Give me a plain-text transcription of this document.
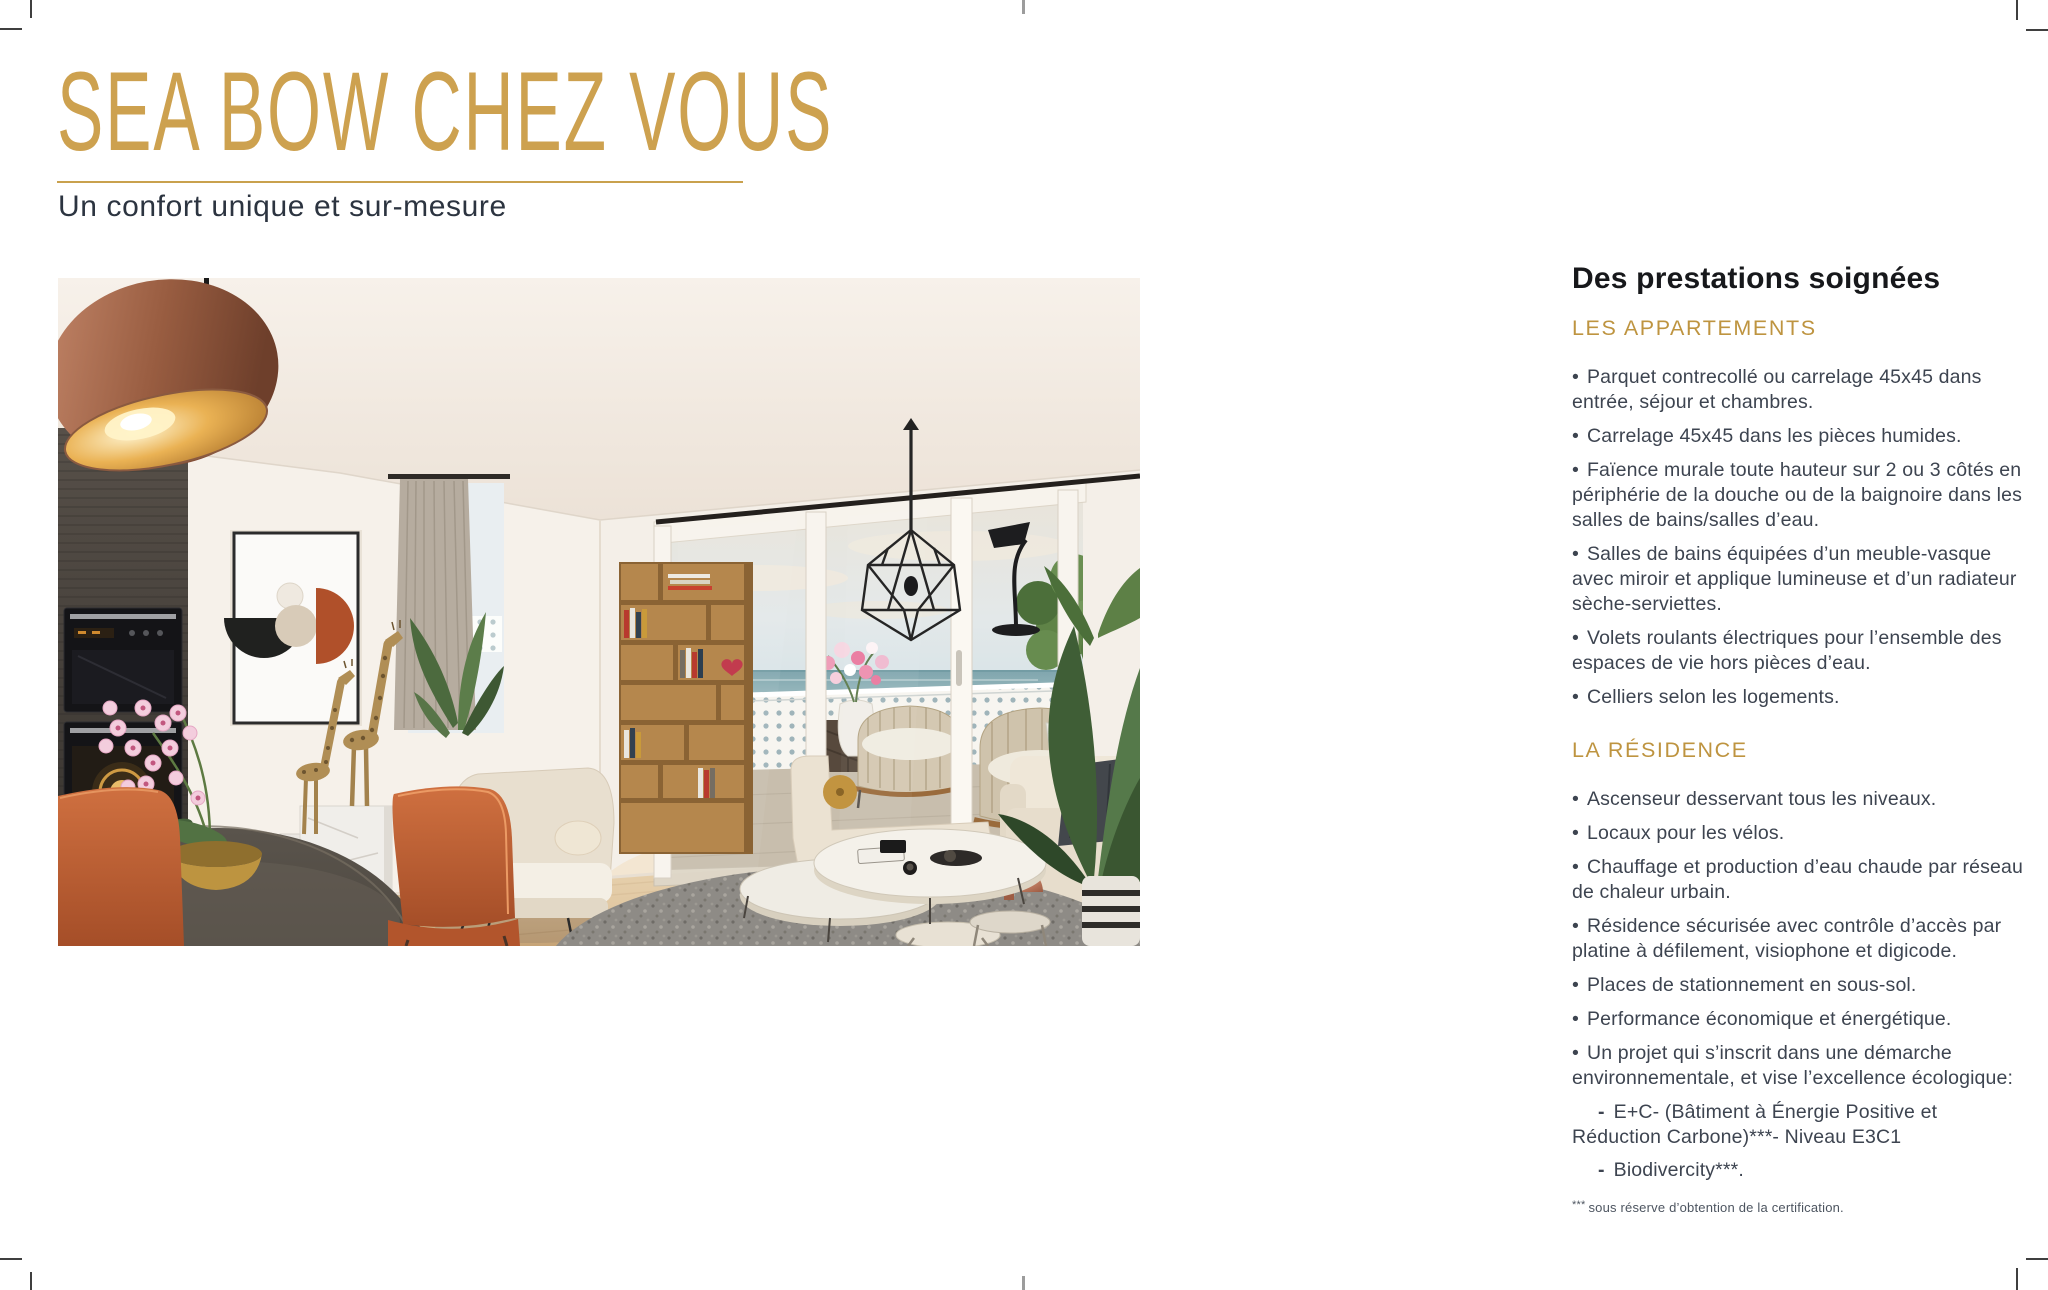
SEA BOW CHEZ VOUS

Un confort unique et sur-mesure

Des prestations soignées
LES APPARTEMENTS

• Parquet contrecollé ou carrelage 45x45 dans entrée, séjour et chambres.

• Carrelage 45x45 dans les pièces humides.

• Faïence murale toute hauteur sur 2 ou 3 côtés en périphérie de la douche ou de la baignoire dans les salles de bains/salles d’eau.

• Salles de bains équipées d’un meuble-vasque avec miroir et applique lumineuse et d’un radiateur sèche-serviettes.

• Volets roulants électriques pour l’ensemble des espaces de vie hors pièces d’eau.

• Celliers selon les logements.

LA RÉSIDENCE

• Ascenseur desservant tous les niveaux.

• Locaux pour les vélos.

• Chauffage et production d’eau chaude par réseau de chaleur urbain.

• Résidence sécurisée avec contrôle d’accès par platine à défilement, visiophone et digicode.

• Places de stationnement en sous-sol.

• Performance économique et énergétique.

• Un projet qui s’inscrit dans une démarche environnementale, et vise l’excellence écologique:

- E+C- (Bâtiment à Énergie Positive et Réduction Carbone)***- Niveau E3C1

- Biodivercity***.

*** sous réserve d’obtention de la certification.
